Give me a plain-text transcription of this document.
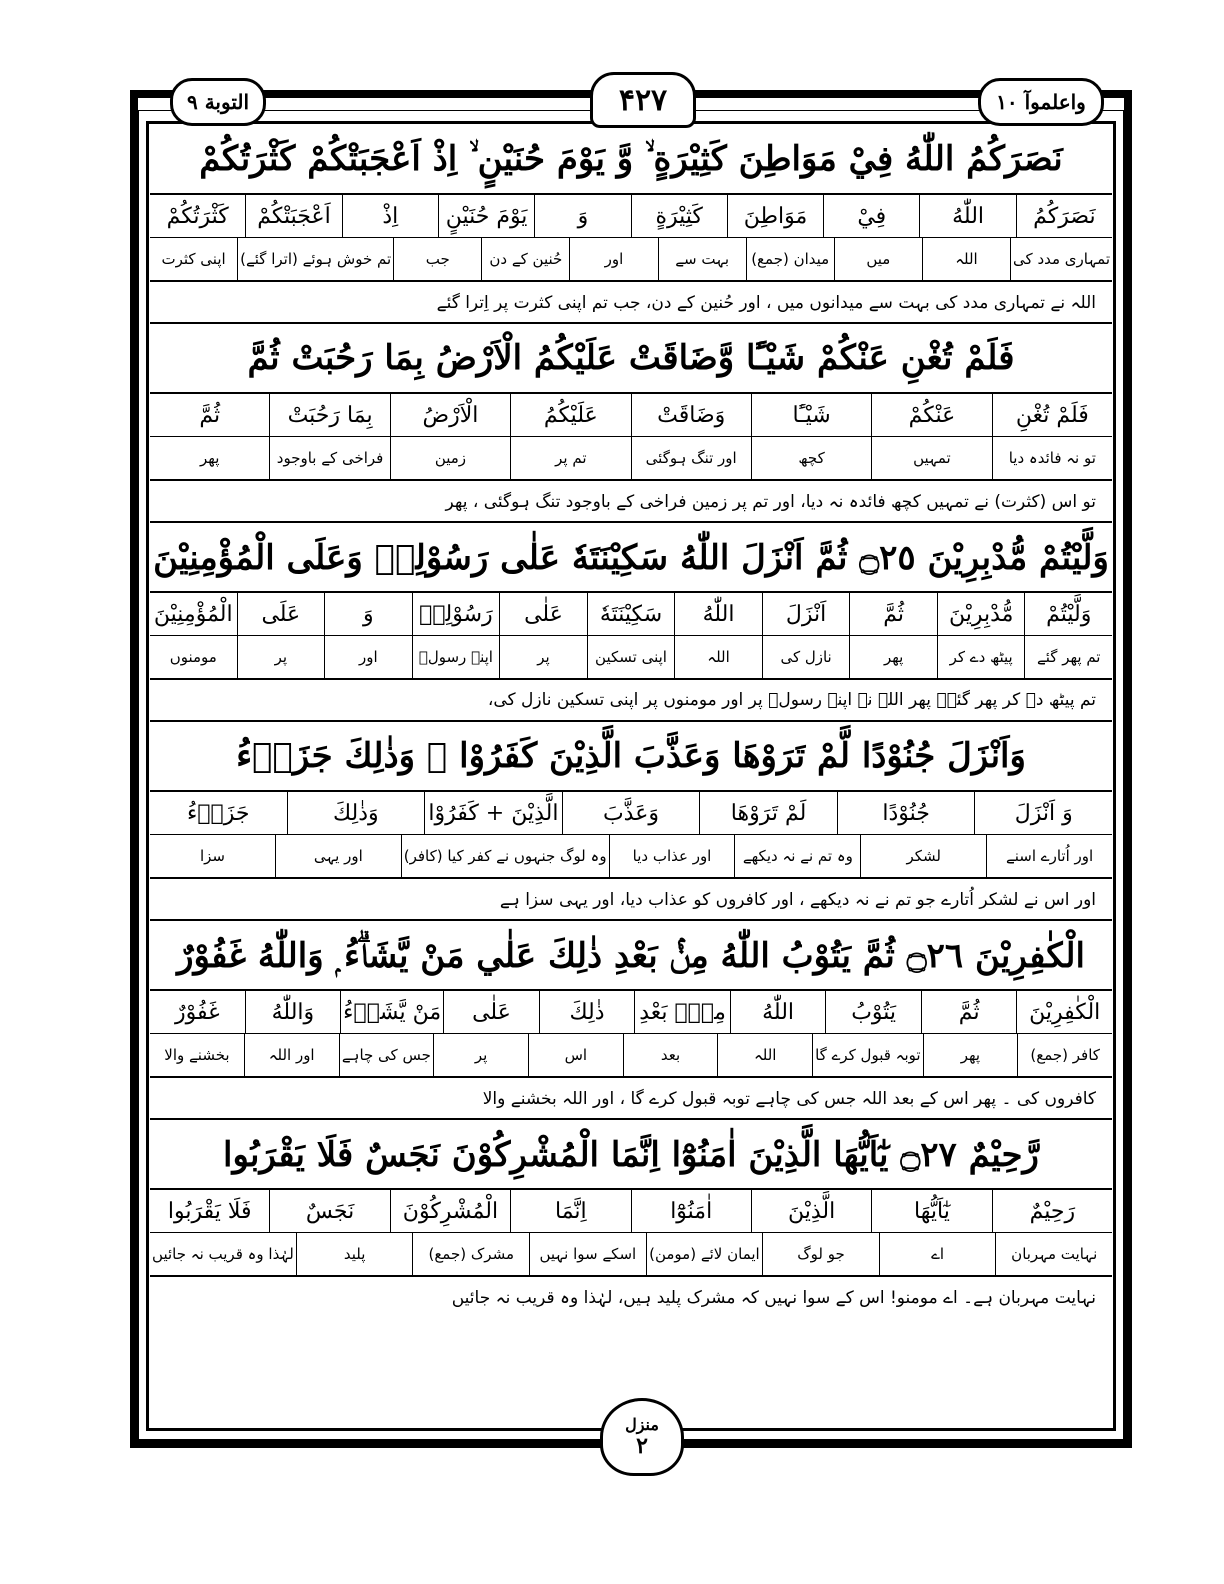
التوبة ٩	۴۲۷	واعلموآ ١٠
نَصَرَكُمُ اللّٰهُ فِيْ مَوَاطِنَ كَثِيْرَةٍ ۙ وَّ يَوْمَ حُنَيْنٍ ۙ اِذْ اَعْجَبَتْكُمْ كَثْرَتُكُمْ
نَصَرَكُمُ
اللّٰهُ
فِيْ
مَوَاطِنَ
كَثِيْرَةٍ
وَ
يَوْمَ حُنَيْنٍ
اِذْ
اَعْجَبَتْكُمْ
كَثْرَتُكُمْ
تمہاری مدد کی
اللہ
میں
میدان (جمع)
بہت سے
اور
حُنین کے دن
جب
تم خوش ہوئے (اترا گئے)
اپنی کثرت
اللہ نے تمہاری مدد کی بہت سے میدانوں میں ، اور حُنین کے دن، جب تم اپنی کثرت پر اِترا گئے
فَلَمْ تُغْنِ عَنْكُمْ شَيْـًٔا وَّضَاقَتْ عَلَيْكُمُ الْاَرْضُ بِمَا رَحُبَتْ ثُمَّ
فَلَمْ تُغْنِ
عَنْكُمْ
شَيْـًٔا
وَضَاقَتْ
عَلَيْكُمُ
الْاَرْضُ
بِمَا رَحُبَتْ
ثُمَّ
تو نہ فائدہ دیا
تمہیں
کچھ
اور تنگ ہوگئی
تم پر
زمین
فراخی کے باوجود
پھر
تو اس (کثرت) نے تمہیں کچھ فائدہ نہ دیا، اور تم پر زمین فراخی کے باوجود تنگ ہوگئی ، پھر
وَلَّيْتُمْ مُّدْبِرِيْنَ ۝٢٥ ثُمَّ اَنْزَلَ اللّٰهُ سَكِيْنَتَهٗ عَلٰى رَسُوْلِهٖ وَعَلَى الْمُؤْمِنِيْنَ
وَلَّيْتُمْ
مُّدْبِرِيْنَ
ثُمَّ
اَنْزَلَ
اللّٰهُ
سَكِيْنَتَهٗ
عَلٰى
رَسُوْلِهٖ
وَ
عَلَى
الْمُؤْمِنِيْنَ
تم پھر گئے
پیٹھ دے کر
پھر
نازل کی
اللہ
اپنی تسکین
پر
اپنے رسولؐ
اور
پر
مومنوں
تم پیٹھ دے کر پھر گئے۔ پھر اللہ نے اپنے رسولؐ پر اور مومنوں پر اپنی تسکین نازل کی،
وَاَنْزَلَ جُنُوْدًا لَّمْ تَرَوْهَا وَعَذَّبَ الَّذِيْنَ كَفَرُوْا ۭ وَذٰلِكَ جَزَاۗءُ
وَ اَنْزَلَ
جُنُوْدًا
لَمْ تَرَوْهَا
وَعَذَّبَ
الَّذِيْنَ + كَفَرُوْا
وَذٰلِكَ
جَزَاۗءُ
اور اُتارے اسنے
لشکر
وہ تم نے نہ دیکھے
اور عذاب دیا
وہ لوگ جنہوں نے کفر کیا (کافر)
اور یہی
سزا
اور اس نے لشکر اُتارے جو تم نے نہ دیکھے ، اور کافروں کو عذاب دیا، اور یہی سزا ہے
الْكٰفِرِيْنَ ۝٢٦ ثُمَّ يَتُوْبُ اللّٰهُ مِنْۢ بَعْدِ ذٰلِكَ عَلٰي مَنْ يَّشَاۗءُ ۭ وَاللّٰهُ غَفُوْرٌ
الْكٰفِرِيْنَ
ثُمَّ
يَتُوْبُ
اللّٰهُ
مِنْۢ بَعْدِ
ذٰلِكَ
عَلٰى
مَنْ يَّشَاۗءُ
وَاللّٰهُ
غَفُوْرٌ
کافر (جمع)
پھر
توبہ قبول کرے گا
اللہ
بعد
اس
پر
جس کی چاہے
اور اللہ
بخشنے والا
کافروں کی ۔ پھر اس کے بعد اللہ جس کی چاہے توبہ قبول کرے گا ، اور اللہ بخشنے والا
رَّحِيْمٌ ۝٢٧ يٰٓاَيُّهَا الَّذِيْنَ اٰمَنُوْٓا اِنَّمَا الْمُشْرِكُوْنَ نَجَسٌ فَلَا يَقْرَبُوا
رَحِيْمٌ
يٰٓاَيُّهَا
الَّذِيْنَ
اٰمَنُوْٓا
اِنَّمَا
الْمُشْرِكُوْنَ
نَجَسٌ
فَلَا يَقْرَبُوا
نہایت مہربان
اے
جو لوگ
ایمان لائے (مومن)
اسکے سوا نہیں
مشرک (جمع)
پلید
لہٰذا وہ قریب نہ جائیں
نہایت مہربان ہے۔ اے مومنو! اس کے سوا نہیں کہ مشرک پلید ہیں، لہٰذا وہ قریب نہ جائیں
منزل
٢
